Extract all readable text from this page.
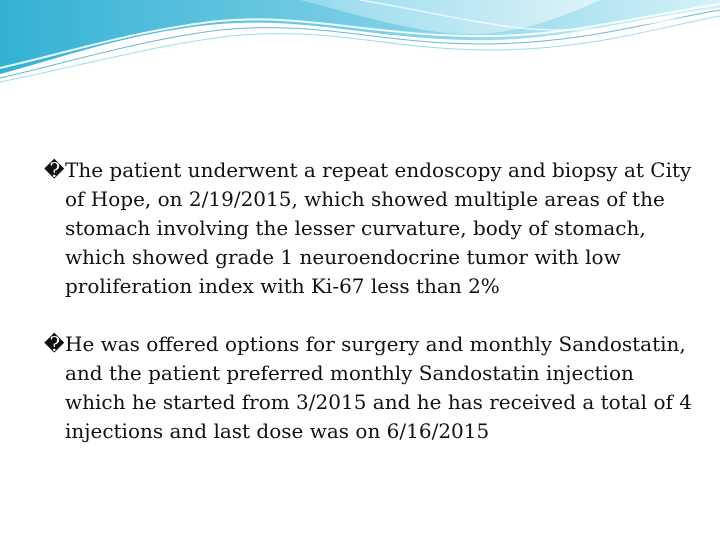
� The patient underwent a repeat endoscopy and biopsy at City of Hope, on 2/19/2015, which showed multiple areas of the stomach involving the lesser curvature, body of stomach, which showed grade 1 neuroendocrine tumor with low proliferation index with Ki-67 less than 2%

� He was offered options for surgery and monthly Sandostatin, and the patient preferred monthly Sandostatin injection which he started from 3/2015 and he has received a total of 4 injections and last dose was on 6/16/2015
